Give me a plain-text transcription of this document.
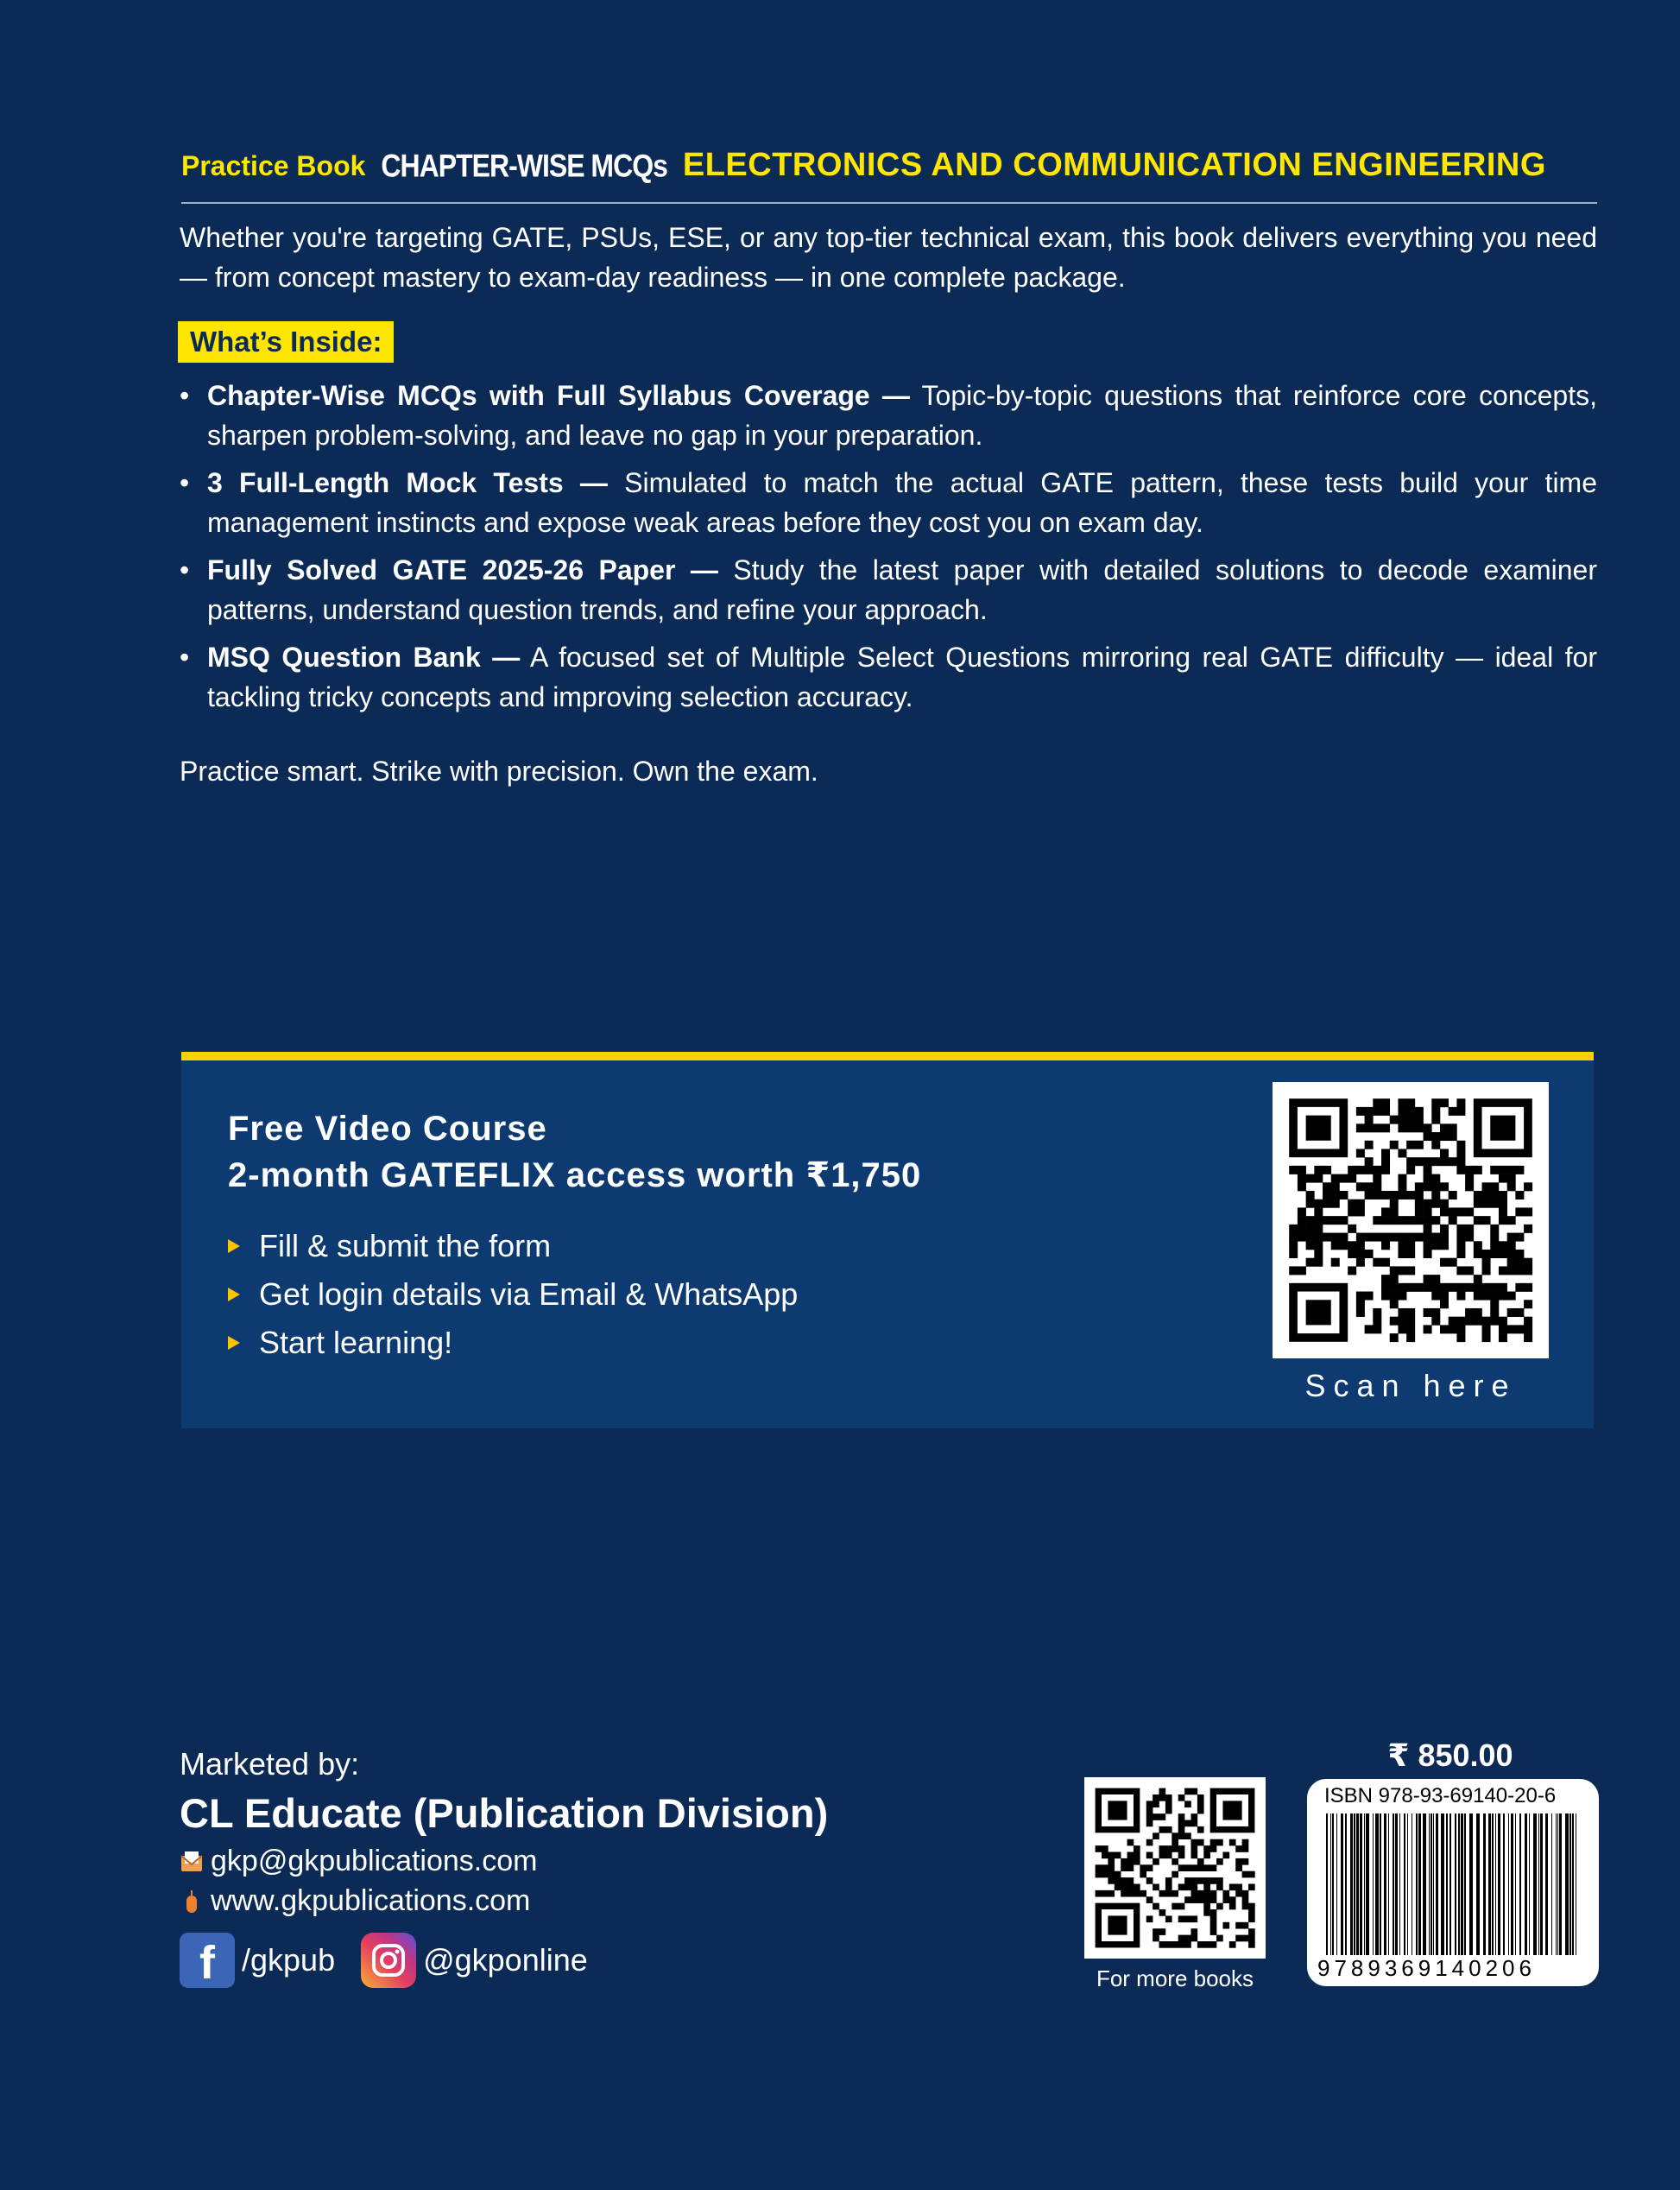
Practice Book CHAPTER-WISE MCQs ELECTRONICS AND COMMUNICATION ENGINEERING
Whether you're targeting GATE, PSUs, ESE, or any top-tier technical exam, this book delivers everything you need — from concept mastery to exam-day readiness — in one complete package.
What’s Inside:
• Chapter-Wise MCQs with Full Syllabus Coverage — Topic-by-topic questions that reinforce core concepts, sharpen problem-solving, and leave no gap in your preparation.
• 3 Full-Length Mock Tests — Simulated to match the actual GATE pattern, these tests build your time management instincts and expose weak areas before they cost you on exam day.
• Fully Solved GATE 2025-26 Paper — Study the latest paper with detailed solutions to decode examiner patterns, understand question trends, and refine your approach.
• MSQ Question Bank — A focused set of Multiple Select Questions mirroring real GATE difficulty — ideal for tackling tricky concepts and improving selection accuracy.
Practice smart. Strike with precision. Own the exam.
Free Video Course
2-month GATEFLIX access worth ₹1,750
Fill & submit the form
Get login details via Email & WhatsApp
Start learning!
Scan here
Marketed by:
CL Educate (Publication Division)
gkp@gkpublications.com
www.gkpublications.com
f /gkpub	@gkponline
For more books
₹ 850.00
ISBN 978-93-69140-20-6
9789369140206
